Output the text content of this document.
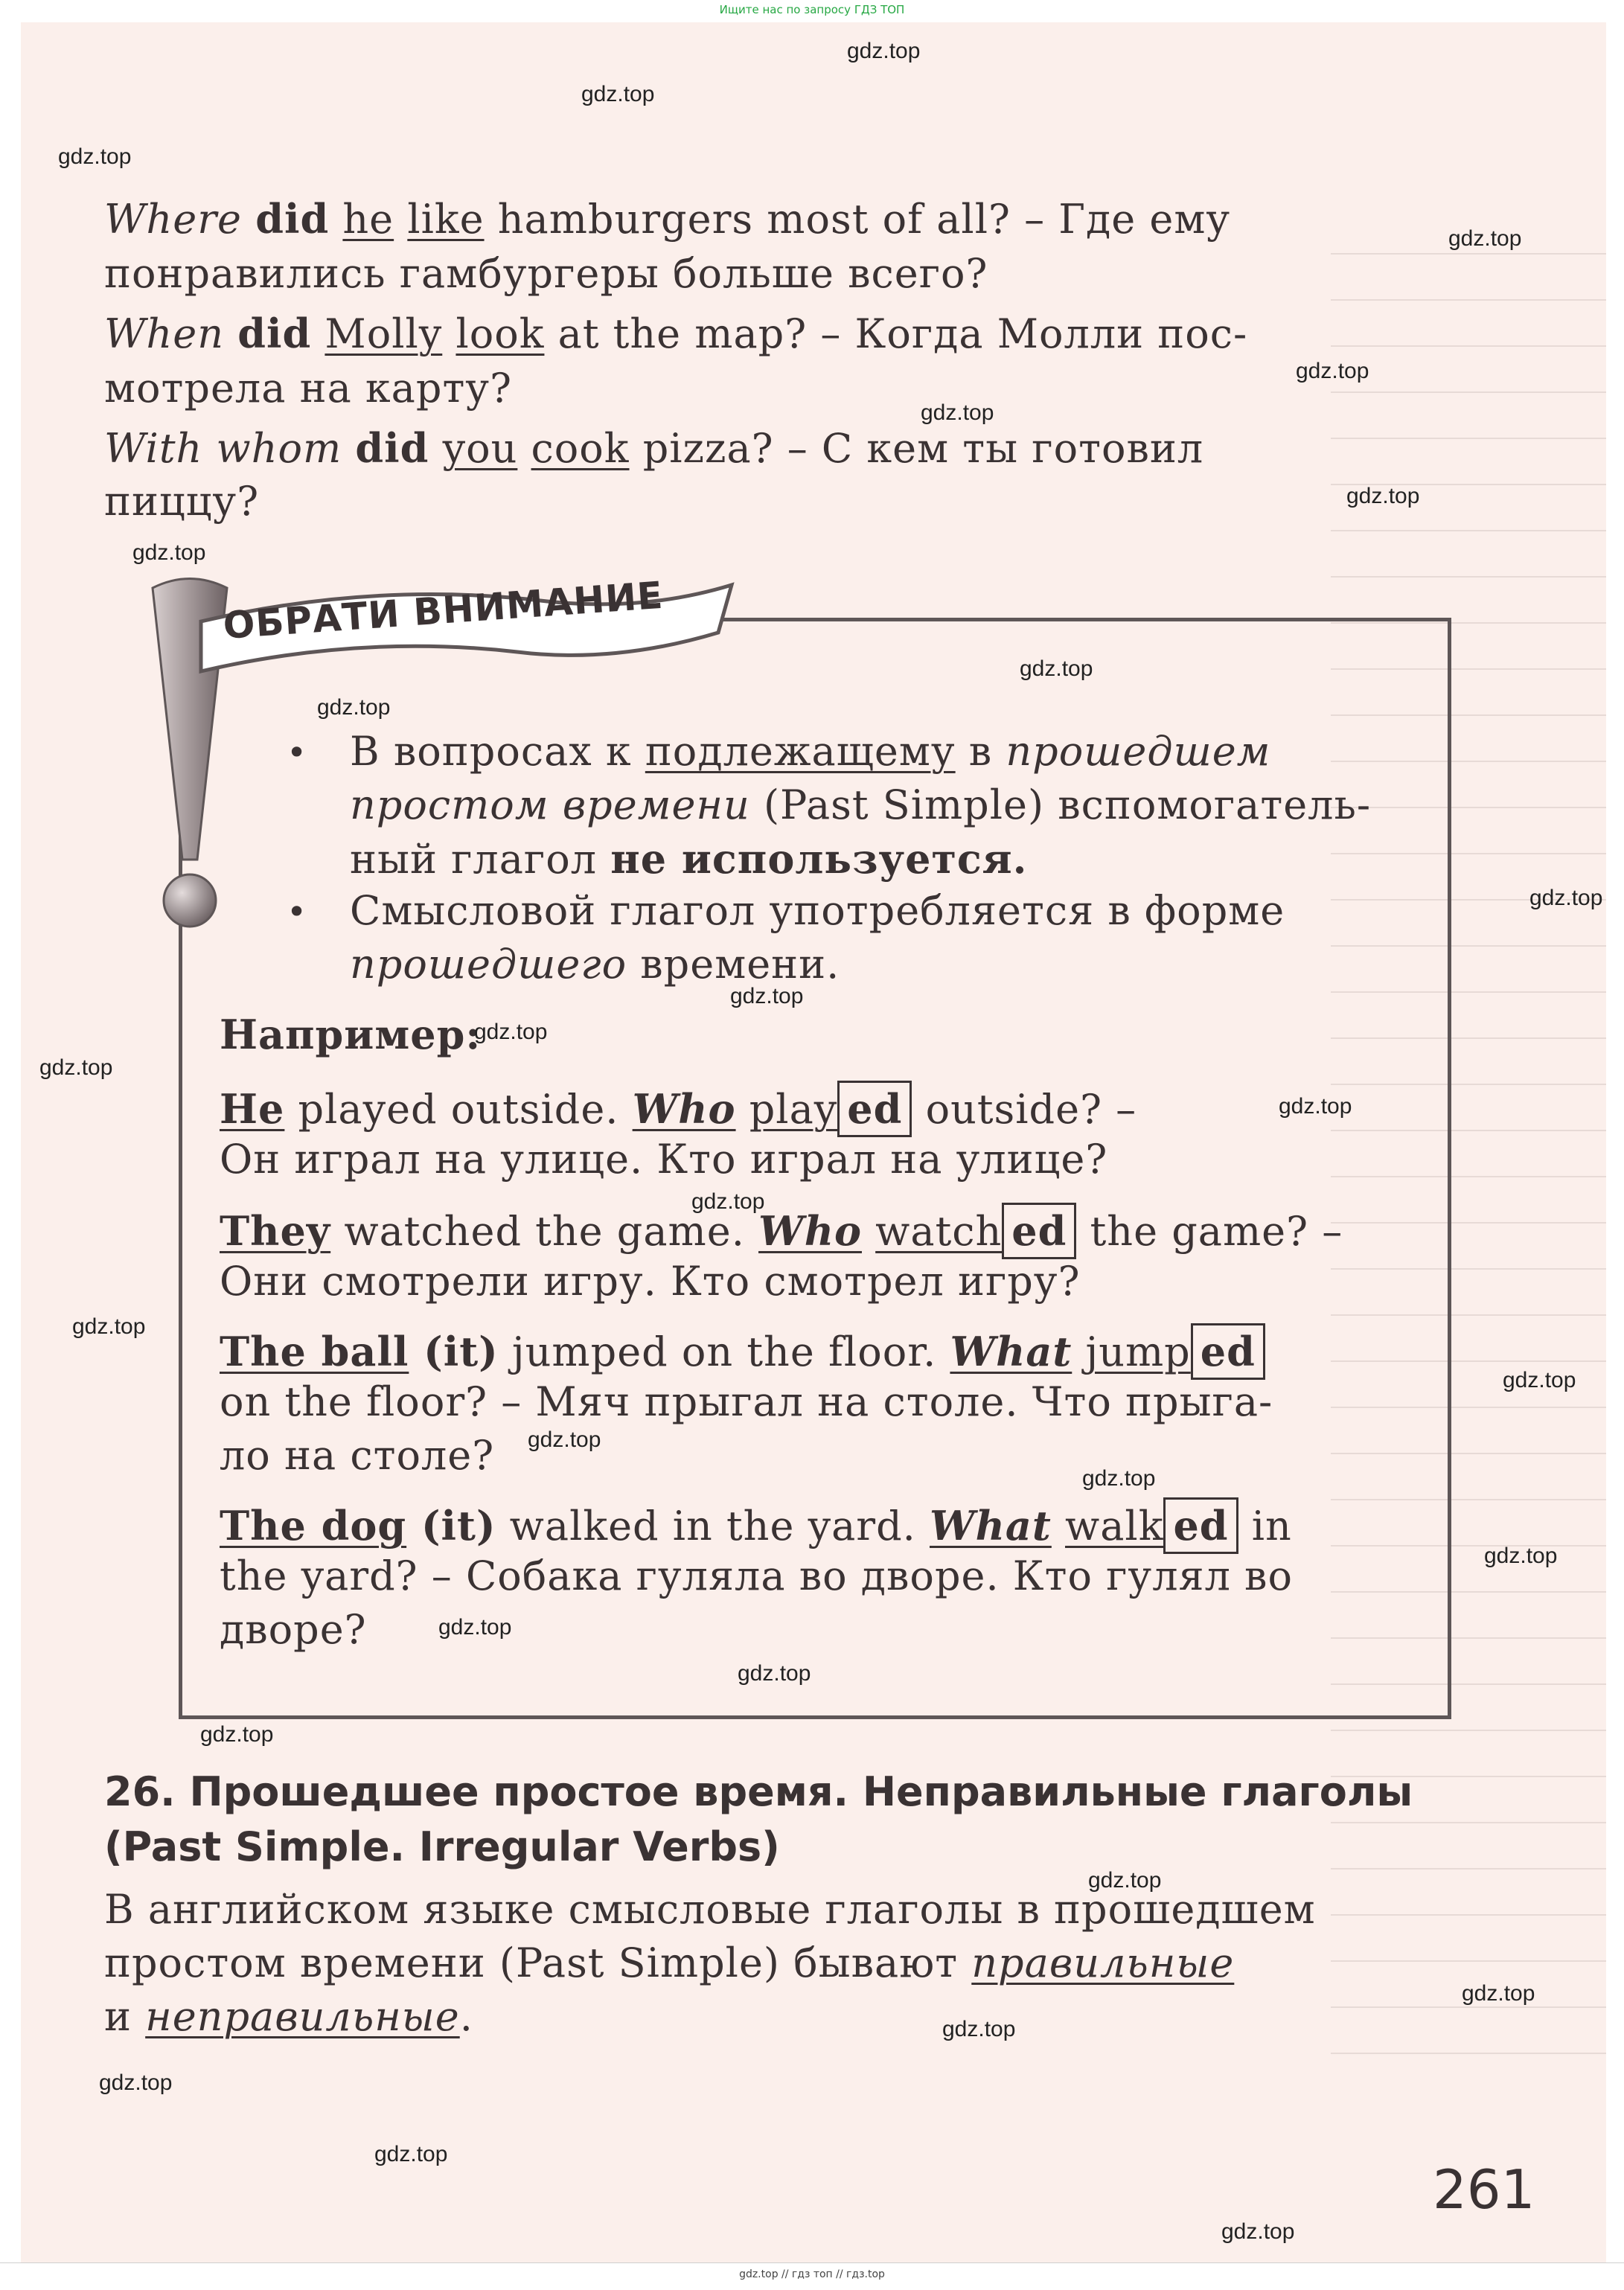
Ищите нас по запросу ГДЗ ТОП
Where did he like hamburgers most of all? – Где ему
понравились гамбургеры больше всего?
When did Molly look at the map? – Когда Молли пос-
мотрела на карту?
With whom did you cook pizza? – С кем ты готовил
пиццу?
ОБРАТИ ВНИМАНИЕ
• В вопросах к подлежащему в прошедшем
простом времени (Past Simple) вспомогатель-
ный глагол не используется.
• Смысловой глагол употребляется в форме
прошедшего времени.
Например:
He played outside. Who play ed outside? –
Он играл на улице. Кто играл на улице?
They watched the game. Who watch ed the game? –
Они смотрели игру. Кто смотрел игру?
The ball (it) jumped on the floor. What jump ed
on the floor? – Мяч прыгал на столе. Что прыга-
ло на столе?
The dog (it) walked in the yard. What walk ed in
the yard? – Собака гуляла во дворе. Кто гулял во
дворе?
26. Прошедшее простое время. Неправильные глаголы
(Past Simple. Irregular Verbs)
В английском языке смысловые глаголы в прошедшем
простом времени (Past Simple) бывают правильные
и неправильные.
261
gdz.top
gdz.top
gdz.top
gdz.top
gdz.top
gdz.top
gdz.top
gdz.top
gdz.top
gdz.top
gdz.top
gdz.top
gdz.top
gdz.top
gdz.top
gdz.top
gdz.top
gdz.top
gdz.top
gdz.top
gdz.top
gdz.top
gdz.top
gdz.top
gdz.top
gdz.top
gdz.top
gdz.top
gdz.top
gdz.top
gdz.top // гдз топ // гдз.top
